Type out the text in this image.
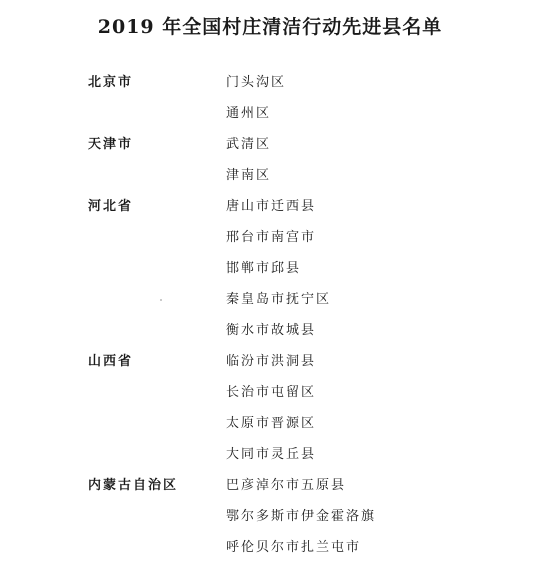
2019 年全国村庄清洁行动先进县名单
北京市	门头沟区
通州区
天津市	武清区
津南区
河北省	唐山市迁西县
邢台市南宫市
邯郸市邱县
秦皇岛市抚宁区
衡水市故城县
山西省	临汾市洪洞县
长治市屯留区
太原市晋源区
大同市灵丘县
内蒙古自治区	巴彦淖尔市五原县
鄂尔多斯市伊金霍洛旗
呼伦贝尔市扎兰屯市
